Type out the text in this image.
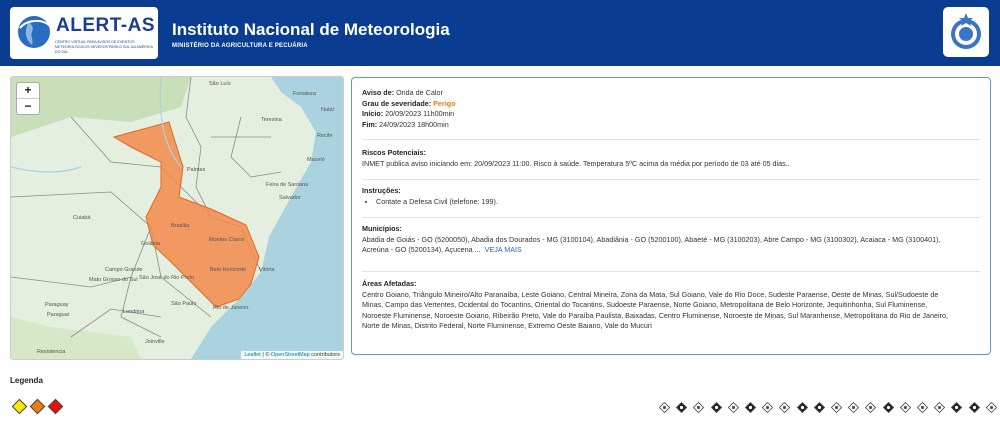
ALERT-AS
CENTRO VIRTUAL PARA AVISOS DE EVENTOS METEOROLÓGICOS SEVEROS PARA O SUL DA AMÉRICA DO SUL
Instituto Nacional de Meteorologia
MINISTÉRIO DA AGRICULTURA E PECUÁRIA
São Luís
Fortaleza
Natal
Teresina
Recife
Maceió
Feira de Santana
Salvador
Palmas
Cuiabá
Brasília
Goiânia
Montes Claros
Belo Horizonte Vitória
Campo Grande
Mato Grosso do Sul São José do Rio Preto
Rio de Janeiro
Londrina
Paraguay
Paraguai
Resistencia
Joinville
São Paulo
+
−
Leaflet | © OpenStreetMap contributors
Aviso de: Onda de Calor
Grau de severidade: Perigo
Início: 20/09/2023 11h00min
Fim: 24/09/2023 18h00min
Riscos Potenciais:
INMET publica aviso iniciando em: 20/09/2023 11:00. Risco à saúde. Temperatura 5ºC acima da média por período de 03 até 05 dias..
Instruções:
• Contate a Defesa Civil (telefone: 199).
Municípios:
Abadia de Goiás - GO (5200050), Abadia dos Dourados - MG (3100104), Abadiânia - GO (5200100), Abaeté - MG (3100203), Abre Campo - MG (3100302), Acaiaca - MG (3100401),
Acreúna - GO (5200134), Açucena ... VEJA MAIS
Áreas Afetadas:
Centro Goiano, Triângulo Mineiro/Alto Paranaíba, Leste Goiano, Central Mineira, Zona da Mata, Sul Goiano, Vale do Rio Doce, Sudeste Paraense, Oeste de Minas, Sul/Sudoeste de
Minas, Campo das Vertentes, Ocidental do Tocantins, Oriental do Tocantins, Sudoeste Paraense, Norte Goiano, Metropolitana de Belo Horizonte, Jequitinhonha, Sul Fluminense,
Noroeste Fluminense, Noroeste Goiano, Ribeirão Preto, Vale do Paraíba Paulista, Baixadas, Centro Fluminense, Noroeste de Minas, Sul Maranhense, Metropolitana do Rio de Janeiro,
Norte de Minas, Distrito Federal, Norte Fluminense, Extremo Oeste Baiano, Vale do Mucuri
Legenda
